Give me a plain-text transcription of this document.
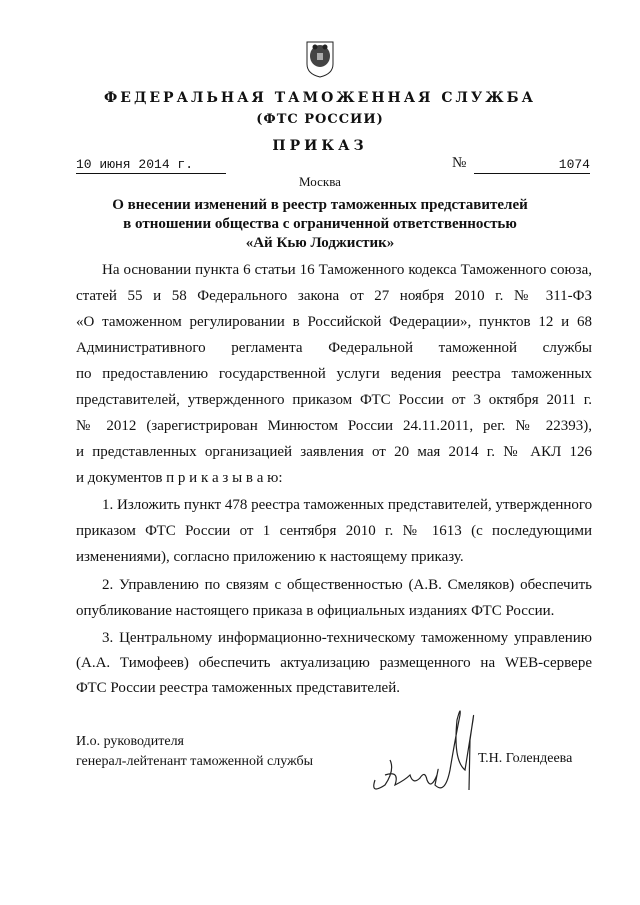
ФЕДЕРАЛЬНАЯ ТАМОЖЕННАЯ СЛУЖБА
(ФТС РОССИИ)
ПРИКАЗ
10 июня 2014 г.	№	1074
Москва
О внесении изменений в реестр таможенных представителей
в отношении общества с ограниченной ответственностью
«Ай Кью Лоджистик»
На основании пункта 6 статьи 16 Таможенного кодекса Таможенного союза,
статей 55 и 58 Федерального закона от 27 ноября 2010 г. № 311-ФЗ
«О таможенном регулировании в Российской Федерации», пунктов 12 и 68
Административного регламента Федеральной таможенной службы
по предоставлению государственной услуги ведения реестра таможенных
представителей, утвержденного приказом ФТС России от 3 октября 2011 г.
№ 2012 (зарегистрирован Минюстом России 24.11.2011, рег. № 22393),
и представленных организацией заявления от 20 мая 2014 г. № АКЛ 126
и документов п р и к а з ы в а ю:
1. Изложить пункт 478 реестра таможенных представителей, утвержденного
приказом ФТС России от 1 сентября 2010 г. № 1613 (с последующими
изменениями), согласно приложению к настоящему приказу.
2. Управлению по связям с общественностью (А.В. Смеляков) обеспечить
опубликование настоящего приказа в официальных изданиях ФТС России.
3. Центральному информационно-техническому таможенному управлению
(А.А. Тимофеев) обеспечить актуализацию размещенного на WEB-сервере
ФТС России реестра таможенных представителей.
И.о. руководителя
генерал-лейтенант таможенной службы	Т.Н. Голендеева
